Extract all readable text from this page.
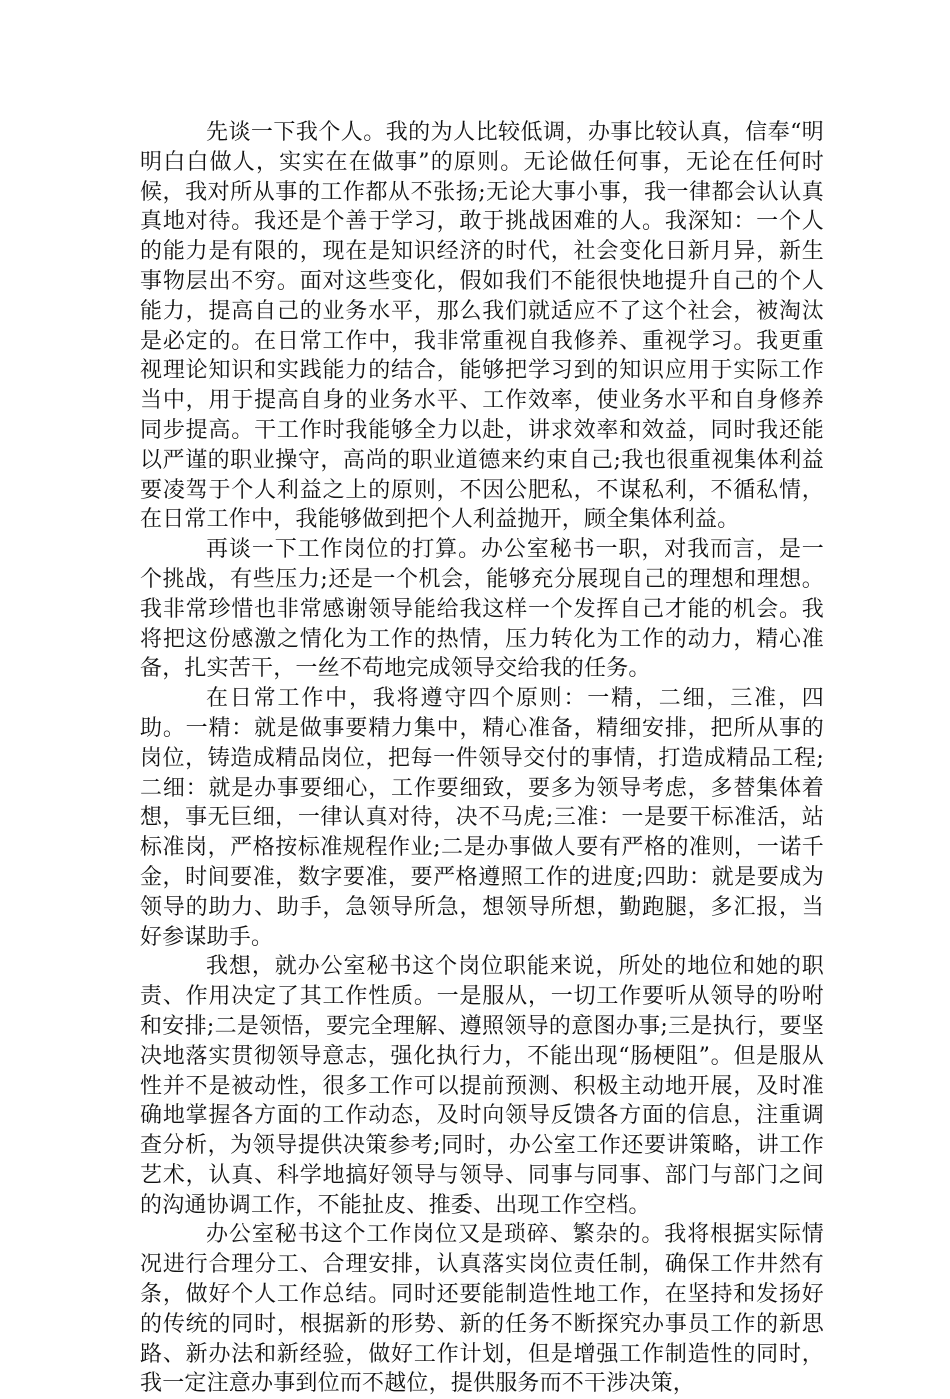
先谈一下我个人。我的为人比较低调，办事比较认真，信奉“明明白白做人，实实在在做事”的原则。无论做任何事，无论在任何时候，我对所从事的工作都从不张扬;无论大事小事，我一律都会认认真真地对待。我还是个善于学习，敢于挑战困难的人。我深知：一个人的能力是有限的，现在是知识经济的时代，社会变化日新月异，新生事物层出不穷。面对这些变化，假如我们不能很快地提升自己的个人能力，提高自己的业务水平，那么我们就适应不了这个社会，被淘汰是必定的。在日常工作中，我非常重视自我修养、重视学习。我更重视理论知识和实践能力的结合，能够把学习到的知识应用于实际工作当中，用于提高自身的业务水平、工作效率，使业务水平和自身修养同步提高。干工作时我能够全力以赴，讲求效率和效益，同时我还能以严谨的职业操守，高尚的职业道德来约束自己;我也很重视集体利益要凌驾于个人利益之上的原则，不因公肥私，不谋私利，不循私情，在日常工作中，我能够做到把个人利益抛开，顾全集体利益。

再谈一下工作岗位的打算。办公室秘书一职，对我而言，是一个挑战，有些压力;还是一个机会，能够充分展现自己的理想和理想。我非常珍惜也非常感谢领导能给我这样一个发挥自己才能的机会。我将把这份感激之情化为工作的热情，压力转化为工作的动力，精心准备，扎实苦干，一丝不苟地完成领导交给我的任务。

在日常工作中，我将遵守四个原则：一精，二细，三准，四助。一精：就是做事要精力集中，精心准备，精细安排，把所从事的岗位，铸造成精品岗位，把每一件领导交付的事情，打造成精品工程;二细：就是办事要细心，工作要细致，要多为领导考虑，多替集体着想，事无巨细，一律认真对待，决不马虎;三准：一是要干标准活，站标准岗，严格按标准规程作业;二是办事做人要有严格的准则，一诺千金，时间要准，数字要准，要严格遵照工作的进度;四助：就是要成为领导的助力、助手，急领导所急，想领导所想，勤跑腿，多汇报，当好参谋助手。

我想，就办公室秘书这个岗位职能来说，所处的地位和她的职责、作用决定了其工作性质。一是服从，一切工作要听从领导的吩咐和安排;二是领悟，要完全理解、遵照领导的意图办事;三是执行，要坚决地落实贯彻领导意志，强化执行力，不能出现“肠梗阻”。但是服从性并不是被动性，很多工作可以提前预测、积极主动地开展，及时准确地掌握各方面的工作动态，及时向领导反馈各方面的信息，注重调查分析，为领导提供决策参考;同时，办公室工作还要讲策略，讲工作艺术，认真、科学地搞好领导与领导、同事与同事、部门与部门之间的沟通协调工作，不能扯皮、推委、出现工作空档。

办公室秘书这个工作岗位又是琐碎、繁杂的。我将根据实际情况进行合理分工、合理安排，认真落实岗位责任制，确保工作井然有条，做好个人工作总结。同时还要能制造性地工作，在坚持和发扬好的传统的同时，根据新的形势、新的任务不断探究办事员工作的新思路、新办法和新经验，做好工作计划，但是增强工作制造性的同时，我一定注意办事到位而不越位，提供服务而不干涉决策，
